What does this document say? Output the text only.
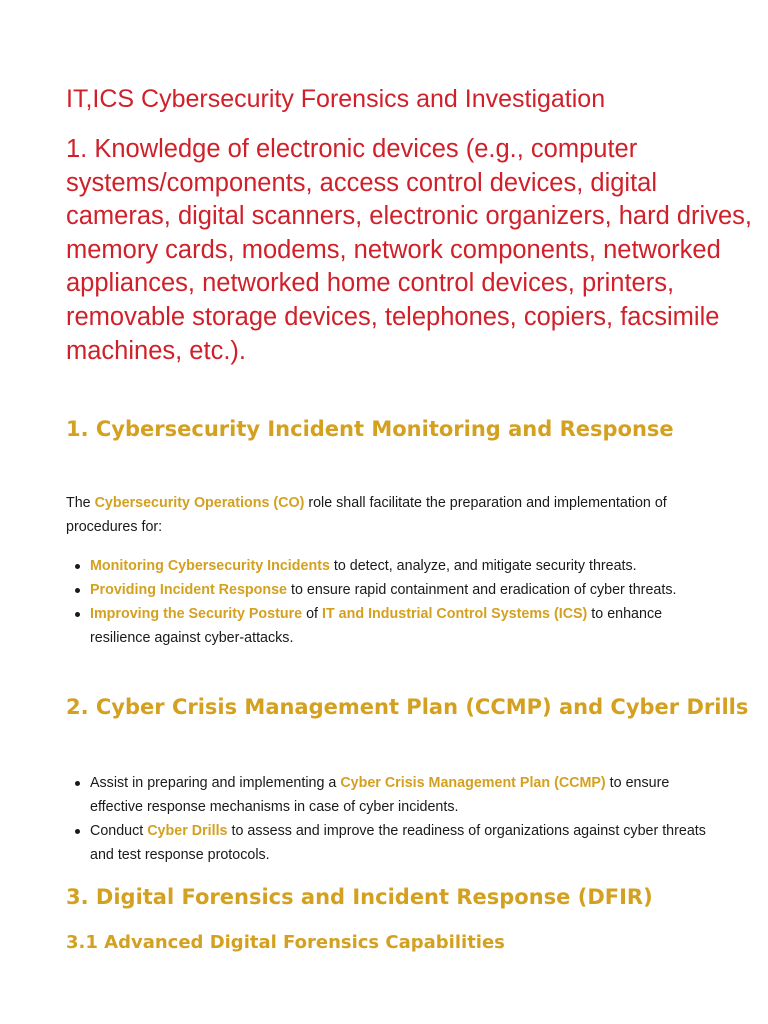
IT,ICS Cybersecurity Forensics and Investigation
1. Knowledge of electronic devices (e.g., computer systems/components, access control devices, digital cameras, digital scanners, electronic organizers, hard drives, memory cards, modems, network components, networked appliances, networked home control devices, printers, removable storage devices, telephones, copiers, facsimile machines, etc.).
1. Cybersecurity Incident Monitoring and Response

The Cybersecurity Operations (CO) role shall facilitate the preparation and implementation of procedures for:

Monitoring Cybersecurity Incidents to detect, analyze, and mitigate security threats.
Providing Incident Response to ensure rapid containment and eradication of cyber threats.
Improving the Security Posture of IT and Industrial Control Systems (ICS) to enhance resilience against cyber-attacks.
2. Cyber Crisis Management Plan (CCMP) and Cyber Drills
Assist in preparing and implementing a Cyber Crisis Management Plan (CCMP) to ensure effective response mechanisms in case of cyber incidents.
Conduct Cyber Drills to assess and improve the readiness of organizations against cyber threats and test response protocols.
3. Digital Forensics and Incident Response (DFIR)
3.1 Advanced Digital Forensics Capabilities
